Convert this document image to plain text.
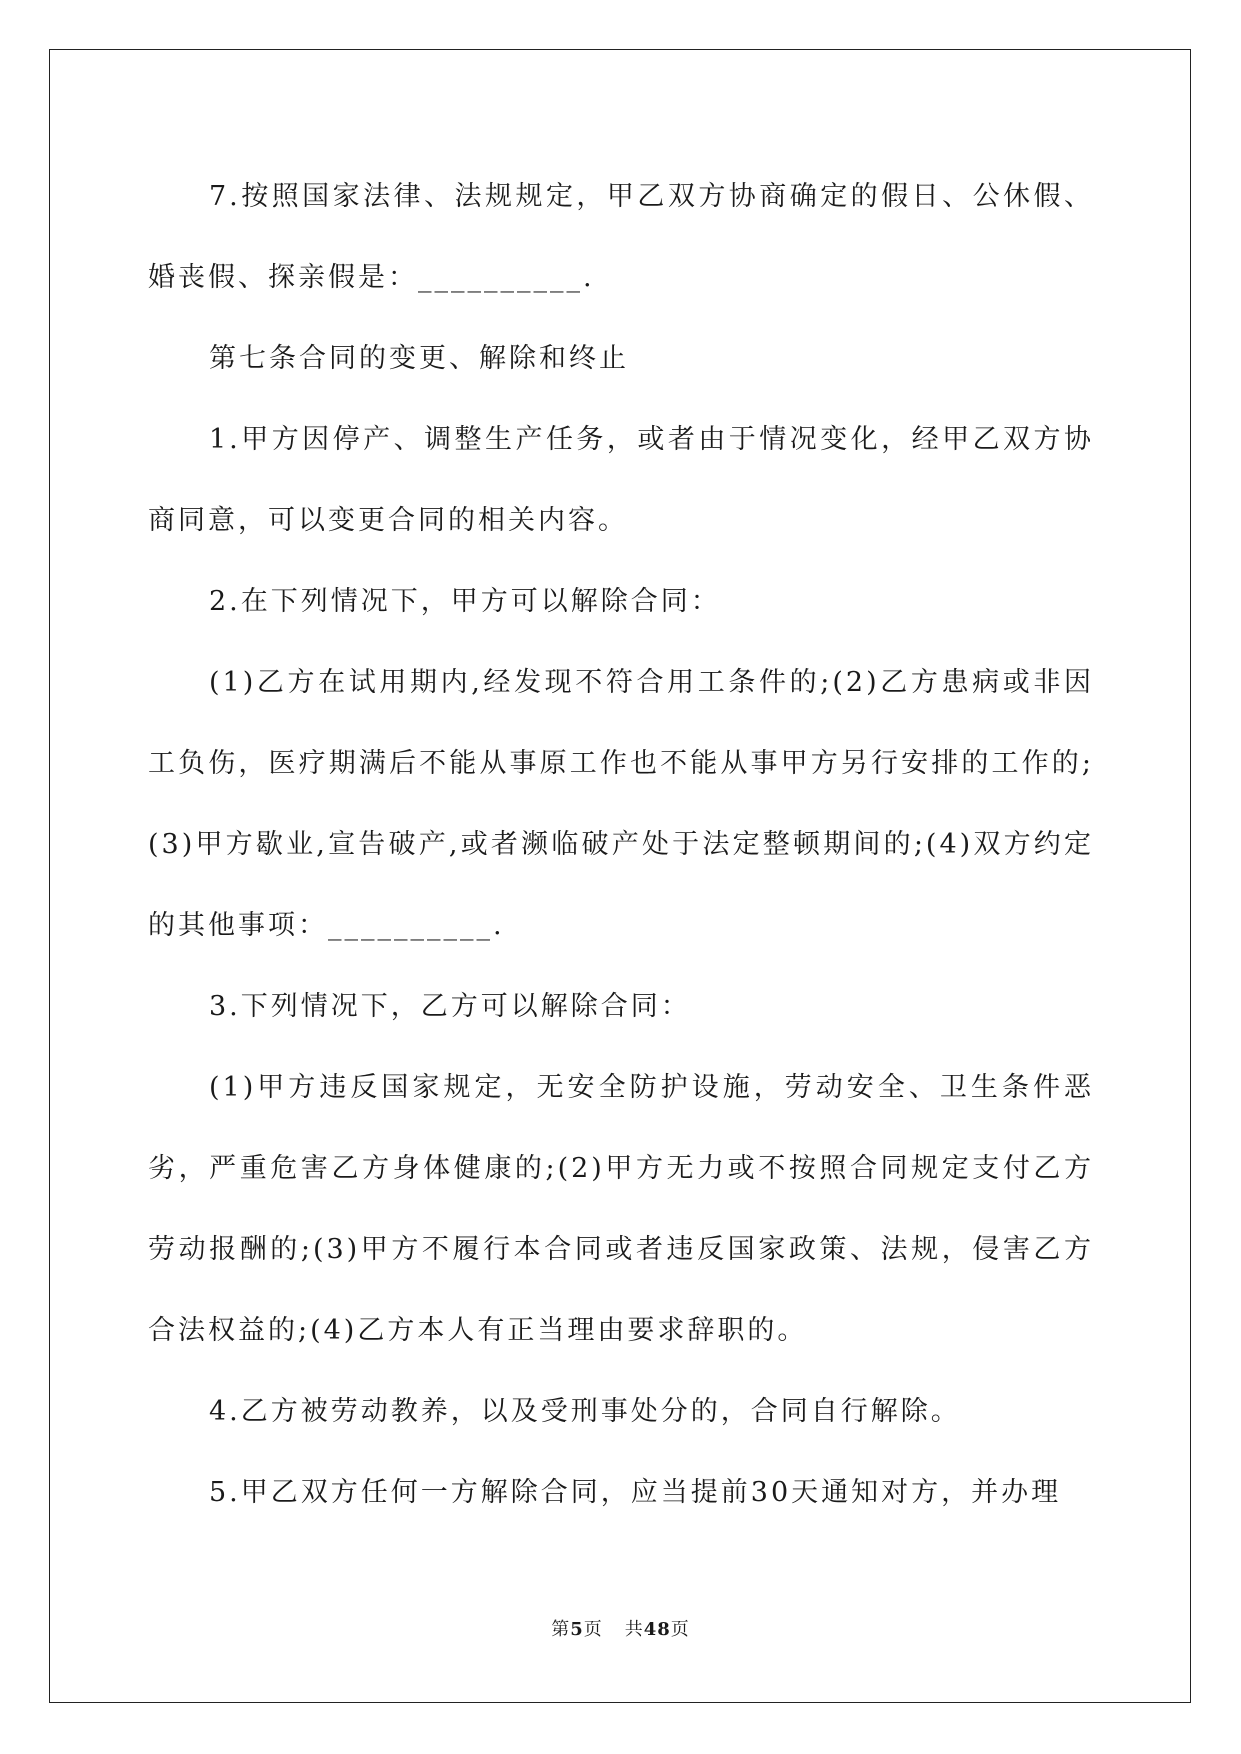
7.按照国家法律、法规规定，甲乙双方协商确定的假日、公休假、婚丧假、探亲假是：__________.

第七条合同的变更、解除和终止

1.甲方因停产、调整生产任务，或者由于情况变化，经甲乙双方协商同意，可以变更合同的相关内容。

2.在下列情况下，甲方可以解除合同：

(1)乙方在试用期内,经发现不符合用工条件的;(2)乙方患病或非因工负伤，医疗期满后不能从事原工作也不能从事甲方另行安排的工作的;(3)甲方歇业,宣告破产,或者濒临破产处于法定整顿期间的;(4)双方约定的其他事项：__________.

3.下列情况下，乙方可以解除合同：

(1)甲方违反国家规定，无安全防护设施，劳动安全、卫生条件恶劣，严重危害乙方身体健康的;(2)甲方无力或不按照合同规定支付乙方劳动报酬的;(3)甲方不履行本合同或者违反国家政策、法规，侵害乙方合法权益的;(4)乙方本人有正当理由要求辞职的。

4.乙方被劳动教养，以及受刑事处分的，合同自行解除。

5.甲乙双方任何一方解除合同，应当提前30天通知对方，并办理

第5页 共48页
